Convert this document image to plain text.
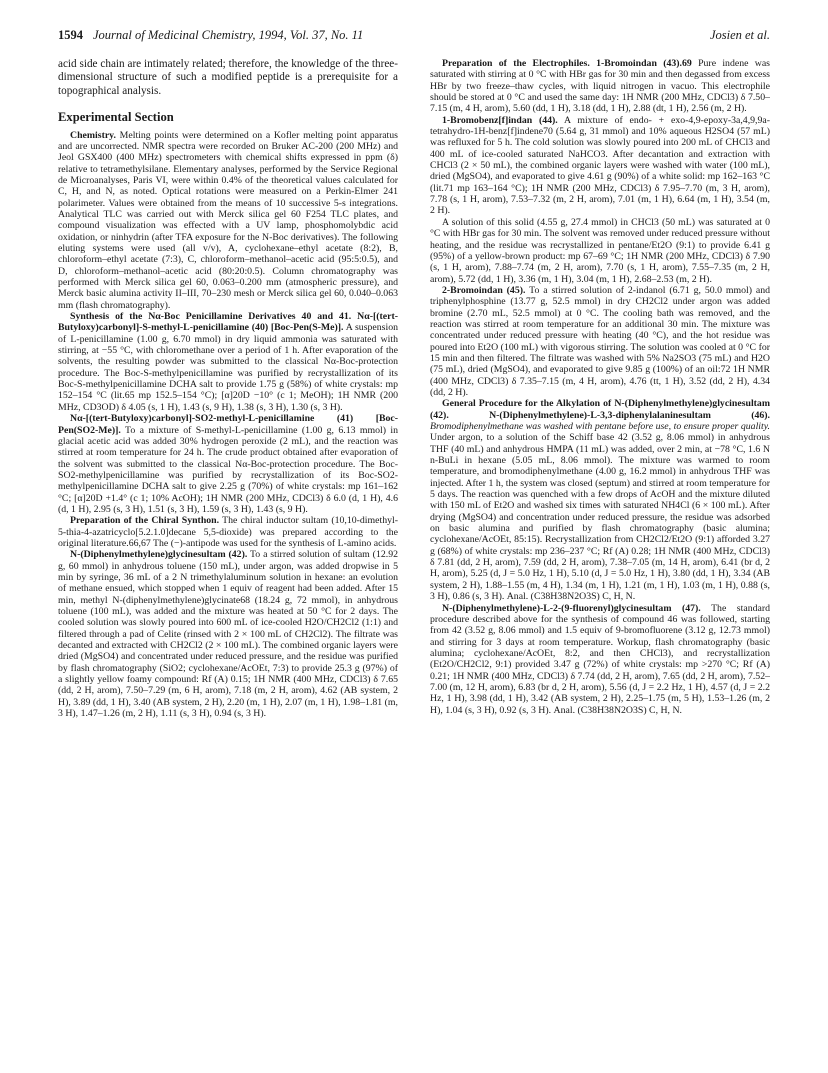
1594 Journal of Medicinal Chemistry, 1994, Vol. 37, No. 11	Josien et al.

acid side chain are intimately related; therefore, the knowledge of the three-dimensional structure of such a modified peptide is a prerequisite for a topographical analysis.

Experimental Section

Chemistry. Melting points were determined on a Kofler melting point apparatus and are uncorrected. NMR spectra were recorded on Bruker AC-200 (200 MHz) and Jeol GSX400 (400 MHz) spectrometers with chemical shifts expressed in ppm (δ) relative to tetramethylsilane. Elementary analyses, performed by the Service Regional de Microanalyses, Paris VI, were within 0.4% of the theoretical values calculated for C, H, and N, as noted. Optical rotations were measured on a Perkin-Elmer 241 polarimeter. Values were obtained from the means of 10 successive 5-s integrations. Analytical TLC was carried out with Merck silica gel 60 F254 TLC plates, and compound visualization was effected with a UV lamp, phosphomolybdic acid oxidation, or ninhydrin (after TFA exposure for the N-Boc derivatives). The following eluting systems were used (all v/v), A, cyclohexane–ethyl acetate (8:2), B, chloroform–ethyl acetate (7:3), C, chloroform–methanol–acetic acid (95:5:0.5), and D, chloroform–methanol–acetic acid (80:20:0.5). Column chromatography was performed with Merck silica gel 60, 0.063–0.200 mm (atmospheric pressure), and Merck basic alumina activity II–III, 70–230 mesh or Merck silica gel 60, 0.040–0.063 mm (flash chromatography).

Synthesis of the Nα-Boc Penicillamine Derivatives 40 and 41. Nα-[(tert-Butyloxy)carbonyl]-S-methyl-L-penicillamine (40) [Boc-Pen(S-Me)]. A suspension of L-penicillamine (1.00 g, 6.70 mmol) in dry liquid ammonia was saturated with stirring, at −55 °C, with chloromethane over a period of 1 h. After evaporation of the solvents, the resulting powder was submitted to the classical Nα-Boc-protection procedure. The Boc-S-methylpenicillamine was purified by recrystallization of its Boc-S-methylpenicillamine DCHA salt to provide 1.75 g (58%) of white crystals: mp 152–154 °C (lit.65 mp 152.5–154 °C); [α]20D −10° (c 1; MeOH); 1H NMR (200 MHz, CD3OD) δ 4.05 (s, 1 H), 1.43 (s, 9 H), 1.38 (s, 3 H), 1.30 (s, 3 H).

Nα-[(tert-Butyloxy)carbonyl]-SO2-methyl-L-penicillamine (41) [Boc-Pen(SO2-Me)]. To a mixture of S-methyl-L-penicillamine (1.00 g, 6.13 mmol) in glacial acetic acid was added 30% hydrogen peroxide (2 mL), and the reaction was stirred at room temperature for 24 h. The crude product obtained after evaporation of the solvent was submitted to the classical Nα-Boc-protection procedure. The Boc-SO2-methylpenicillamine was purified by recrystallization of its Boc-SO2-methylpenicillamine DCHA salt to give 2.25 g (70%) of white crystals: mp 161–162 °C; [α]20D +1.4° (c 1; 10% AcOH); 1H NMR (200 MHz, CDCl3) δ 6.0 (d, 1 H), 4.6 (d, 1 H), 2.95 (s, 3 H), 1.51 (s, 3 H), 1.59 (s, 3 H), 1.43 (s, 9 H).

Preparation of the Chiral Synthon. The chiral inductor sultam (10,10-dimethyl-5-thia-4-azatricyclo[5.2.1.0]decane 5,5-dioxide) was prepared according to the original literature.66,67 The (−)-antipode was used for the synthesis of L-amino acids.

N-(Diphenylmethylene)glycinesultam (42). To a stirred solution of sultam (12.92 g, 60 mmol) in anhydrous toluene (150 mL), under argon, was added dropwise in 5 min by syringe, 36 mL of a 2 N trimethylaluminum solution in hexane: an evolution of methane ensued, which stopped when 1 equiv of reagent had been added. After 15 min, methyl N-(diphenylmethylene)glycinate68 (18.24 g, 72 mmol), in anhydrous toluene (100 mL), was added and the mixture was heated at 50 °C for 2 days. The cooled solution was slowly poured into 600 mL of ice-cooled H2O/CH2Cl2 (1:1) and filtered through a pad of Celite (rinsed with 2 × 100 mL of CH2Cl2). The filtrate was decanted and extracted with CH2Cl2 (2 × 100 mL). The combined organic layers were dried (MgSO4) and concentrated under reduced pressure, and the residue was purified by flash chromatography (SiO2; cyclohexane/AcOEt, 7:3) to provide 25.3 g (97%) of a slightly yellow foamy compound: Rf (A) 0.15; 1H NMR (400 MHz, CDCl3) δ 7.65 (dd, 2 H, arom), 7.50–7.29 (m, 6 H, arom), 7.18 (m, 2 H, arom), 4.62 (AB system, 2 H), 3.89 (dd, 1 H), 3.40 (AB system, 2 H), 2.20 (m, 1 H), 2.07 (m, 1 H), 1.98–1.81 (m, 3 H), 1.47–1.26 (m, 2 H), 1.11 (s, 3 H), 0.94 (s, 3 H).

Preparation of the Electrophiles. 1-Bromoindan (43).69 Pure indene was saturated with stirring at 0 °C with HBr gas for 30 min and then degassed from excess HBr by two freeze–thaw cycles, with liquid nitrogen in vacuo. This electrophile should be stored at 0 °C and used the same day: 1H NMR (200 MHz, CDCl3) δ 7.50–7.15 (m, 4 H, arom), 5.60 (dd, 1 H), 3.18 (dd, 1 H), 2.88 (dt, 1 H), 2.56 (m, 2 H).

1-Bromobenz[f]indan (44). A mixture of endo- + exo-4,9-epoxy-3a,4,9,9a-tetrahydro-1H-benz[f]indene70 (5.64 g, 31 mmol) and 10% aqueous H2SO4 (57 mL) was refluxed for 5 h. The cold solution was slowly poured into 200 mL of CHCl3 and 400 mL of ice-cooled saturated NaHCO3. After decantation and extraction with CHCl3 (2 × 50 mL), the combined organic layers were washed with water (100 mL), dried (MgSO4), and evaporated to give 4.61 g (90%) of a white solid: mp 162–163 °C (lit.71 mp 163–164 °C); 1H NMR (200 MHz, CDCl3) δ 7.95–7.70 (m, 3 H, arom), 7.78 (s, 1 H, arom), 7.53–7.32 (m, 2 H, arom), 7.01 (m, 1 H), 6.64 (m, 1 H), 3.54 (m, 2 H).

A solution of this solid (4.55 g, 27.4 mmol) in CHCl3 (50 mL) was saturated at 0 °C with HBr gas for 30 min. The solvent was removed under reduced pressure without heating, and the residue was recrystallized in pentane/Et2O (9:1) to provide 6.41 g (95%) of a yellow-brown product: mp 67–69 °C; 1H NMR (200 MHz, CDCl3) δ 7.90 (s, 1 H, arom), 7.88–7.74 (m, 2 H, arom), 7.70 (s, 1 H, arom), 7.55–7.35 (m, 2 H, arom), 5.72 (dd, 1 H), 3.36 (m, 1 H), 3.04 (m, 1 H), 2.68–2.53 (m, 2 H).

2-Bromoindan (45). To a stirred solution of 2-indanol (6.71 g, 50.0 mmol) and triphenylphosphine (13.77 g, 52.5 mmol) in dry CH2Cl2 under argon was added bromine (2.70 mL, 52.5 mmol) at 0 °C. The cooling bath was removed, and the reaction was stirred at room temperature for an additional 30 min. The mixture was concentrated under reduced pressure with heating (40 °C), and the hot residue was poured into Et2O (100 mL) with vigorous stirring. The solution was cooled at 0 °C for 15 min and then filtered. The filtrate was washed with 5% Na2SO3 (75 mL) and H2O (75 mL), dried (MgSO4), and evaporated to give 9.85 g (100%) of an oil:72 1H NMR (400 MHz, CDCl3) δ 7.35–7.15 (m, 4 H, arom), 4.76 (tt, 1 H), 3.52 (dd, 2 H), 4.34 (dd, 2 H).

General Procedure for the Alkylation of N-(Diphenylmethylene)glycinesultam (42). N-(Diphenylmethylene)-L-3,3-diphenylalaninesultam (46). Bromodiphenylmethane was washed with pentane before use, to ensure proper quality. Under argon, to a solution of the Schiff base 42 (3.52 g, 8.06 mmol) in anhydrous THF (40 mL) and anhydrous HMPA (11 mL) was added, over 2 min, at −78 °C, 1.6 N n-BuLi in hexane (5.05 mL, 8.06 mmol). The mixture was warmed to room temperature, and bromodiphenylmethane (4.00 g, 16.2 mmol) in anhydrous THF was injected. After 1 h, the system was closed (septum) and stirred at room temperature for 5 days. The reaction was quenched with a few drops of AcOH and the mixture diluted with 150 mL of Et2O and washed six times with saturated NH4Cl (6 × 100 mL). After drying (MgSO4) and concentration under reduced pressure, the residue was adsorbed on basic alumina and purified by flash chromatography (basic alumina; cyclohexane/AcOEt, 85:15). Recrystallization from CH2Cl2/Et2O (9:1) afforded 3.27 g (68%) of white crystals: mp 236–237 °C; Rf (A) 0.28; 1H NMR (400 MHz, CDCl3) δ 7.81 (dd, 2 H, arom), 7.59 (dd, 2 H, arom), 7.38–7.05 (m, 14 H, arom), 6.41 (br d, 2 H, arom), 5.25 (d, J = 5.0 Hz, 1 H), 5.10 (d, J = 5.0 Hz, 1 H), 3.80 (dd, 1 H), 3.34 (AB system, 2 H), 1.88–1.55 (m, 4 H), 1.34 (m, 1 H), 1.21 (m, 1 H), 1.03 (m, 1 H), 0.88 (s, 3 H), 0.86 (s, 3 H). Anal. (C38H38N2O3S) C, H, N.

N-(Diphenylmethylene)-L-2-(9-fluorenyl)glycinesultam (47). The standard procedure described above for the synthesis of compound 46 was followed, starting from 42 (3.52 g, 8.06 mmol) and 1.5 equiv of 9-bromofluorene (3.12 g, 12.73 mmol) and stirring for 3 days at room temperature. Workup, flash chromatography (basic alumina; cyclohexane/AcOEt, 8:2, and then CHCl3), and recrystallization (Et2O/CH2Cl2, 9:1) provided 3.47 g (72%) of white crystals: mp >270 °C; Rf (A) 0.21; 1H NMR (400 MHz, CDCl3) δ 7.74 (dd, 2 H, arom), 7.65 (dd, 2 H, arom), 7.52–7.00 (m, 12 H, arom), 6.83 (br d, 2 H, arom), 5.56 (d, J = 2.2 Hz, 1 H), 4.57 (d, J = 2.2 Hz, 1 H), 3.98 (dd, 1 H), 3.42 (AB system, 2 H), 2.25–1.75 (m, 5 H), 1.53–1.26 (m, 2 H), 1.04 (s, 3 H), 0.92 (s, 3 H). Anal. (C38H38N2O3S) C, H, N.
